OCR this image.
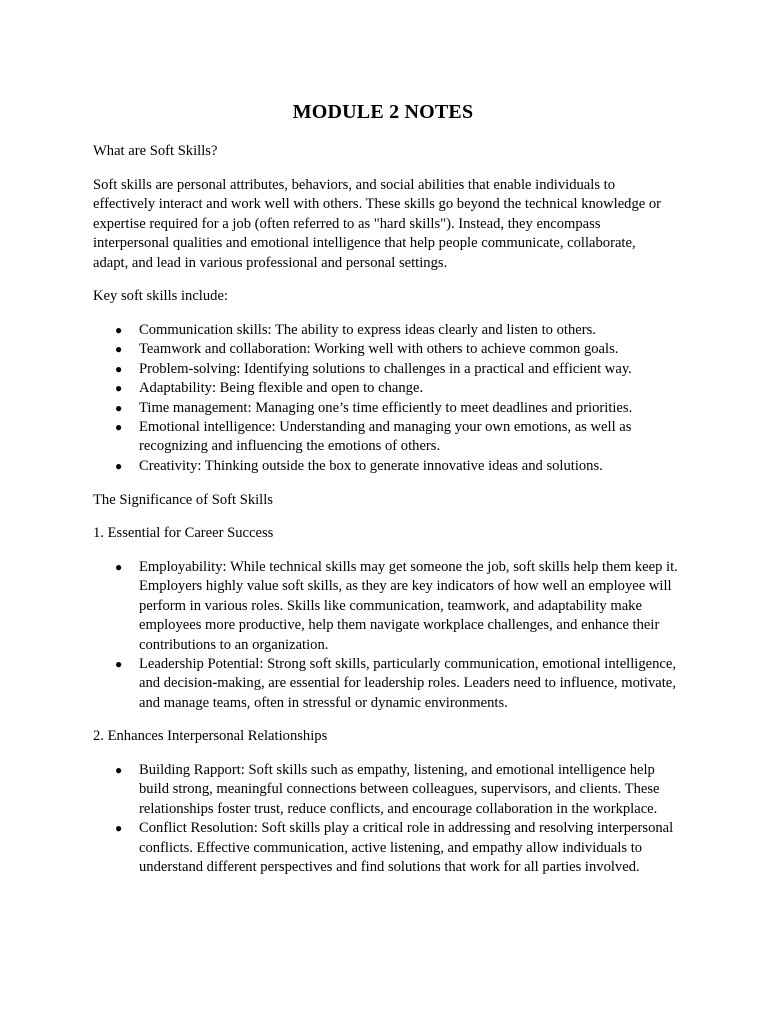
MODULE 2 NOTES

What are Soft Skills?

Soft skills are personal attributes, behaviors, and social abilities that enable individuals to effectively interact and work well with others. These skills go beyond the technical knowledge or expertise required for a job (often referred to as "hard skills"). Instead, they encompass interpersonal qualities and emotional intelligence that help people communicate, collaborate, adapt, and lead in various professional and personal settings.

Key soft skills include:

● Communication skills: The ability to express ideas clearly and listen to others.
● Teamwork and collaboration: Working well with others to achieve common goals.
● Problem-solving: Identifying solutions to challenges in a practical and efficient way.
● Adaptability: Being flexible and open to change.
● Time management: Managing one’s time efficiently to meet deadlines and priorities.
● Emotional intelligence: Understanding and managing your own emotions, as well as recognizing and influencing the emotions of others.
● Creativity: Thinking outside the box to generate innovative ideas and solutions.

The Significance of Soft Skills

1. Essential for Career Success

● Employability: While technical skills may get someone the job, soft skills help them keep it. Employers highly value soft skills, as they are key indicators of how well an employee will perform in various roles. Skills like communication, teamwork, and adaptability make employees more productive, help them navigate workplace challenges, and enhance their contributions to an organization.
● Leadership Potential: Strong soft skills, particularly communication, emotional intelligence, and decision-making, are essential for leadership roles. Leaders need to influence, motivate, and manage teams, often in stressful or dynamic environments.

2. Enhances Interpersonal Relationships

● Building Rapport: Soft skills such as empathy, listening, and emotional intelligence help build strong, meaningful connections between colleagues, supervisors, and clients. These relationships foster trust, reduce conflicts, and encourage collaboration in the workplace.
● Conflict Resolution: Soft skills play a critical role in addressing and resolving interpersonal conflicts. Effective communication, active listening, and empathy allow individuals to understand different perspectives and find solutions that work for all parties involved.
